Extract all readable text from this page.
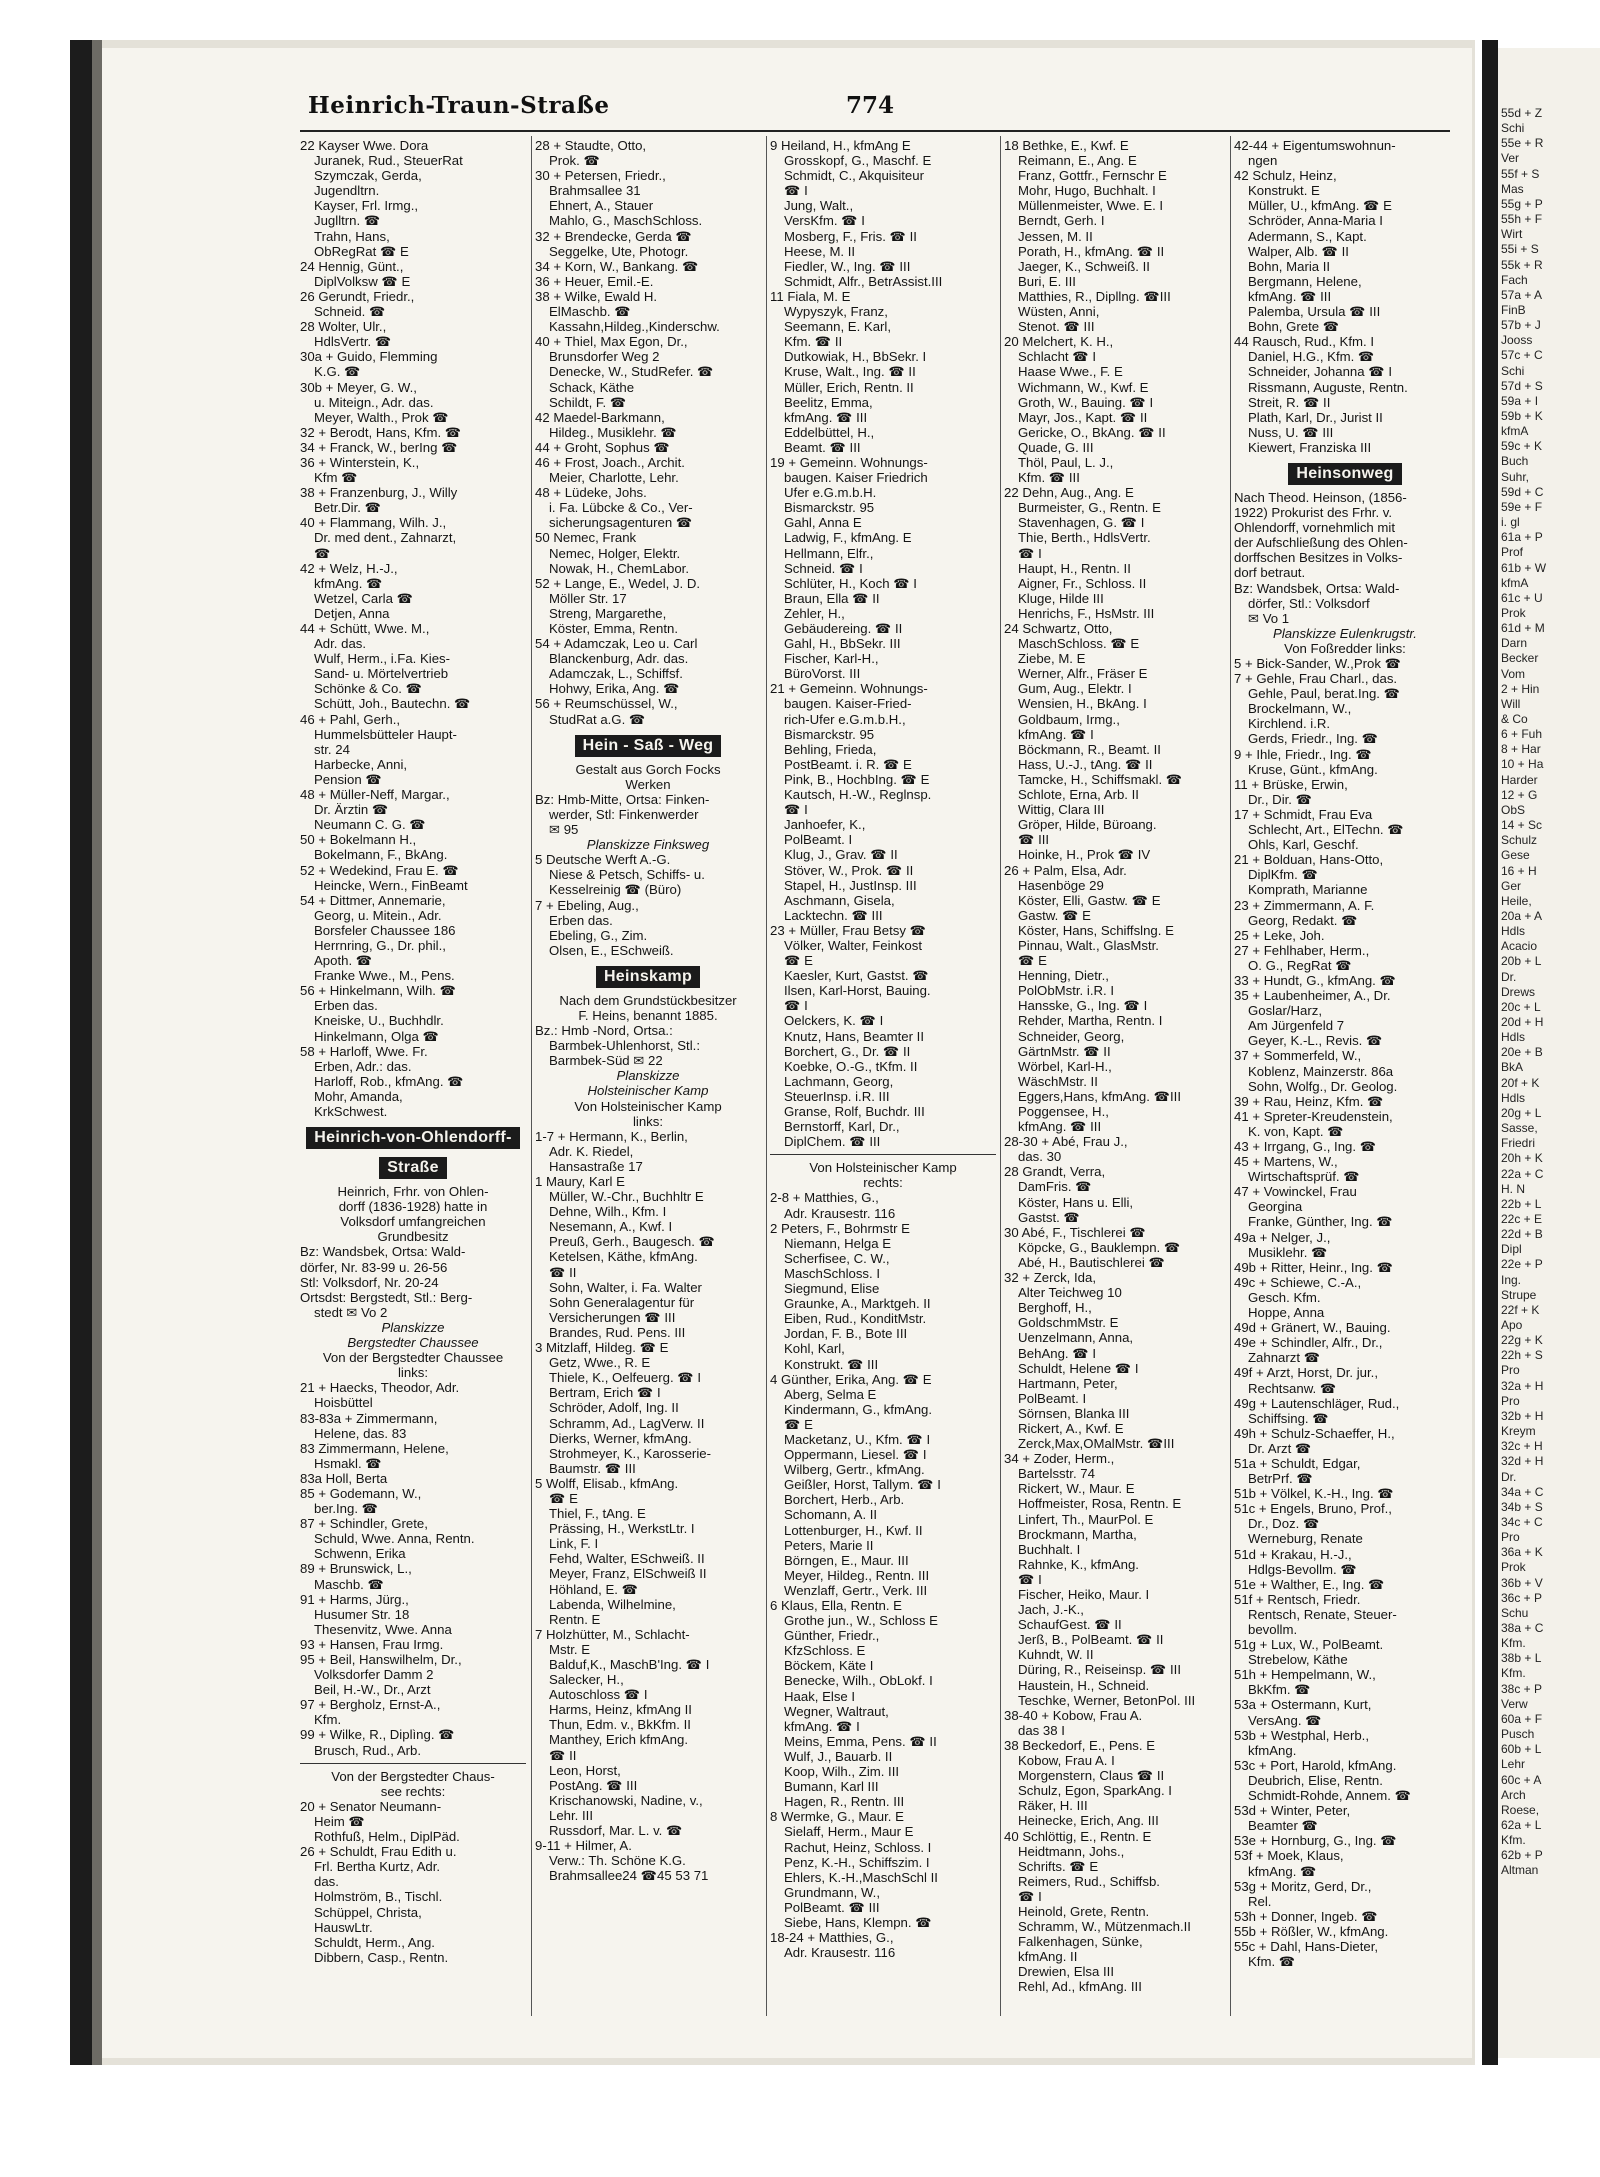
55d + Z
Schi
55e + R
Ver
55f + S
Mas
55g + P
55h + F
Wirt
55i + S
55k + R
Fach
57a + A
FinB
57b + J
Jooss
57c + C
Schi
57d + S
59a + I
59b + K
kfmA
59c + K
Buch
Suhr,
59d + C
59e + F
i. gl
61a + P
Prof
61b + W
kfmA
61c + U
Prok
61d + M
Darn
Becker
Vom
2 + Hin
Will
& Co
6 + Fuh
8 + Har
10 + Ha
Harder
12 + G
ObS
14 + Sc
Schulz
Gese
16 + H
Ger
Heile,
20a + A
Hdls
Acacio
20b + L
Dr.
Drews
20c + L
20d + H
Hdls
20e + B
BkA
20f + K
Hdls
20g + L
Sasse,
Friedri
20h + K
22a + C
H. N
22b + L
22c + E
22d + B
Dipl
22e + P
Ing.
Strupe
22f + K
Apo
22g + K
22h + S
Pro
32a + H
Pro
32b + H
Kreym
32c + H
32d + H
Dr.
34a + C
34b + S
34c + C
Pro
36a + K
Prok
36b + V
36c + P
Schu
38a + C
Kfm.
38b + L
Kfm.
38c + P
Verw
60a + F
Pusch
60b + L
Lehr
60c + A
Arch
Roese,
62a + L
Kfm.
62b + P
Altman
Heinrich-Traun-Straße	774
22 Kayser Wwe. Dora
Juranek, Rud., SteuerRat
Szymczak, Gerda,
Jugendltrn.
Kayser, Frl. Irmg.,
Juglltrn. ☎
Trahn, Hans,
ObRegRat ☎ E
24 Hennig, Günt.,
DiplVolksw ☎ E
26 Gerundt, Friedr.,
Schneid. ☎
28 Wolter, Ulr.,
HdlsVertr. ☎
30a + Guido, Flemming
K.G. ☎
30b + Meyer, G. W.,
u. Miteign., Adr. das.
Meyer, Walth., Prok ☎
32 + Berodt, Hans, Kfm. ☎
34 + Franck, W., berIng ☎
36 + Winterstein, K.,
Kfm ☎
38 + Franzenburg, J., Willy
Betr.Dir. ☎
40 + Flammang, Wilh. J.,
Dr. med dent., Zahnarzt,
☎
42 + Welz, H.-J.,
kfmAng. ☎
Wetzel, Carla ☎
Detjen, Anna
44 + Schütt, Wwe. M.,
Adr. das.
Wulf, Herm., i.Fa. Kies-
Sand- u. Mörtelvertrieb
Schönke & Co. ☎
Schütt, Joh., Bautechn. ☎
46 + Pahl, Gerh.,
Hummelsbütteler Haupt-
str. 24
Harbecke, Anni,
Pension ☎
48 + Müller-Neff, Margar.,
Dr. Ärztin ☎
Neumann C. G. ☎
50 + Bokelmann H.,
Bokelmann, F., BkAng.
52 + Wedekind, Frau E. ☎
Heincke, Wern., FinBeamt
54 + Dittmer, Annemarie,
Georg, u. Mitein., Adr.
Borsfeler Chaussee 186
Herrnring, G., Dr. phil.,
Apoth. ☎
Franke Wwe., M., Pens.
56 + Hinkelmann, Wilh. ☎
Erben das.
Kneiske, U., Buchhdlr.
Hinkelmann, Olga ☎
58 + Harloff, Wwe. Fr.
Erben, Adr.: das.
Harloff, Rob., kfmAng. ☎
Mohr, Amanda,
KrkSchwest.
Heinrich-von-Ohlendorff-
Straße
Heinrich, Frhr. von Ohlen-
dorff (1836-1928) hatte in
Volksdorf umfangreichen
Grundbesitz
Bz: Wandsbek, Ortsa: Wald-
dörfer, Nr. 83-99 u. 26-56
Stl: Volksdorf, Nr. 20-24
Ortsdst: Bergstedt, Stl.: Berg-
stedt ✉ Vo 2
Planskizze
Bergstedter Chaussee
Von der Bergstedter Chaussee
links:
21 + Haecks, Theodor, Adr.
Hoisbüttel
83-83a + Zimmermann,
Helene, das. 83
83 Zimmermann, Helene,
Hsmakl. ☎
83a Holl, Berta
85 + Godemann, W.,
ber.Ing. ☎
87 + Schindler, Grete,
Schuld, Wwe. Anna, Rentn.
Schwenn, Erika
89 + Brunswick, L.,
Maschb. ☎
91 + Harms, Jürg.,
Husumer Str. 18
Thesenvitz, Wwe. Anna
93 + Hansen, Frau Irmg.
95 + Beil, Hanswilhelm, Dr.,
Volksdorfer Damm 2
Beil, H.-W., Dr., Arzt
97 + Bergholz, Ernst-A.,
Kfm.
99 + Wilke, R., Diplìng. ☎
Brusch, Rud., Arb.
Von der Bergstedter Chaus-
see rechts:
20 + Senator Neumann-
Heim ☎
Rothfuß, Helm., DiplPäd.
26 + Schuldt, Frau Edith u.
Frl. Bertha Kurtz, Adr.
das.
Holmström, B., Tischl.
Schüppel, Christa,
HauswLtr.
Schuldt, Herm., Ang.
Dibbern, Casp., Rentn.
28 + Staudte, Otto,
Prok. ☎
30 + Petersen, Friedr.,
Brahmsallee 31
Ehnert, A., Stauer
Mahlo, G., MaschSchloss.
32 + Brendecke, Gerda ☎
Seggelke, Ute, Photogr.
34 + Korn, W., Bankang. ☎
36 + Heuer, Emil.-E.
38 + Wilke, Ewald H.
ElMaschb. ☎
Kassahn,Hildeg.,Kinderschw.
40 + Thiel, Max Egon, Dr.,
Brunsdorfer Weg 2
Denecke, W., StudRefer. ☎
Schack, Käthe
Schildt, F. ☎
42 Maedel-Barkmann,
Hildeg., Musiklehr. ☎
44 + Groht, Sophus ☎
46 + Frost, Joach., Archit.
Meier, Charlotte, Lehr.
48 + Lüdeke, Johs.
i. Fa. Lübcke & Co., Ver-
sicherungsagenturen ☎
50 Nemec, Frank
Nemec, Holger, Elektr.
Nowak, H., ChemLabor.
52 + Lange, E., Wedel, J. D.
Möller Str. 17
Streng, Margarethe,
Köster, Emma, Rentn.
54 + Adamczak, Leo u. Carl
Blanckenburg, Adr. das.
Adamczak, L., Schiffsf.
Hohwy, Erika, Ang. ☎
56 + Reumschüssel, W.,
StudRat a.G. ☎
Hein - Saß - Weg
Gestalt aus Gorch Focks
Werken
Bz: Hmb-Mitte, Ortsa: Finken-
werder, Stl: Finkenwerder
✉ 95
Planskizze Finksweg
5 Deutsche Werft A.-G.
Niese & Petsch, Schiffs- u.
Kesselreinig ☎ (Büro)
7 + Ebeling, Aug.,
Erben das.
Ebeling, G., Zim.
Olsen, E., ESchweiß.
Heinskamp
Nach dem Grundstückbesitzer
F. Heins, benannt 1885.
Bz.: Hmb -Nord, Ortsa.:
Barmbek-Uhlenhorst, Stl.:
Barmbek-Süd ✉ 22
Planskizze
Holsteinischer Kamp
Von Holsteinischer Kamp
links:
1-7 + Hermann, K., Berlin,
Adr. K. Riedel,
Hansastraße 17
1 Maury, Karl E
Müller, W.-Chr., Buchhltr E
Dehne, Wilh., Kfm. I
Nesemann, A., Kwf. I
Preuß, Gerh., Baugesch. ☎
Ketelsen, Käthe, kfmAng.
☎ II
Sohn, Walter, i. Fa. Walter
Sohn Generalagentur für
Versicherungen ☎ III
Brandes, Rud. Pens. III
3 Mitzlaff, Hildeg. ☎ E
Getz, Wwe., R. E
Thiele, K., Oelfeuerg. ☎ I
Bertram, Erich ☎ I
Schröder, Adolf, Ing. II
Schramm, Ad., LagVerw. II
Dierks, Werner, kfmAng.
Strohmeyer, K., Karosserie-
Baumstr. ☎ III
5 Wolff, Elisab., kfmAng.
☎ E
Thiel, F., tAng. E
Prässing, H., WerkstLtr. I
Link, F. I
Fehd, Walter, ESchweiß. II
Meyer, Franz, ElSchweiß II
Höhland, E. ☎
Labenda, Wilhelmine,
Rentn. E
7 Holzhütter, M., Schlacht-
Mstr. E
Balduf,K., MaschB'Ing. ☎ I
Salecker, H.,
Autoschloss ☎ I
Harms, Heinz, kfmAng II
Thun, Edm. v., BkKfm. II
Manthey, Erich kfmAng.
☎ II
Leon, Horst,
PostAng. ☎ III
Krischanowski, Nadine, v.,
Lehr. III
Russdorf, Mar. L. v. ☎
9-11 + Hilmer, A.
Verw.: Th. Schöne K.G.
Brahmsallee24 ☎45 53 71
9 Heiland, H., kfmAng E
Grosskopf, G., Maschf. E
Schmidt, C., Akquisiteur
☎ I
Jung, Walt.,
VersKfm. ☎ I
Mosberg, F., Fris. ☎ II
Heese, M. II
Fiedler, W., Ing. ☎ III
Schmidt, Alfr., BetrAssist.III
11 Fiala, M. E
Wypyszyk, Franz,
Seemann, E. Karl,
Kfm. ☎ II
Dutkowiak, H., BbSekr. I
Kruse, Walt., Ing. ☎ II
Müller, Erich, Rentn. II
Beelitz, Emma,
kfmAng. ☎ III
Eddelbüttel, H.,
Beamt. ☎ III
19 + Gemeinn. Wohnungs-
baugen. Kaiser Friedrich
Ufer e.G.m.b.H.
Bismarckstr. 95
Gahl, Anna E
Ladwig, F., kfmAng. E
Hellmann, Elfr.,
Schneid. ☎ I
Schlüter, H., Koch ☎ I
Braun, Ella ☎ II
Zehler, H.,
Gebäudereing. ☎ II
Gahl, H., BbSekr. III
Fischer, Karl-H.,
BüroVorst. III
21 + Gemeinn. Wohnungs-
baugen. Kaiser-Fried-
rich-Ufer e.G.m.b.H.,
Bismarckstr. 95
Behling, Frieda,
PostBeamt. i. R. ☎ E
Pink, B., HochbIng. ☎ E
Kautsch, H.-W., Reglnsp.
☎ I
Janhoefer, K.,
PolBeamt. I
Klug, J., Grav. ☎ II
Stöver, W., Prok. ☎ II
Stapel, H., JustInsp. III
Aschmann, Gisela,
Lacktechn. ☎ III
23 + Müller, Frau Betsy ☎
Völker, Walter, Feinkost
☎ E
Kaesler, Kurt, Gastst. ☎
Ilsen, Karl-Horst, Bauing.
☎ I
Oelckers, K. ☎ I
Knutz, Hans, Beamter II
Borchert, G., Dr. ☎ II
Koebke, O.-G., tKfm. II
Lachmann, Georg,
SteuerInsp. i.R. III
Granse, Rolf, Buchdr. III
Bernstorff, Karl, Dr.,
DiplChem. ☎ III
Von Holsteinischer Kamp
rechts:
2-8 + Matthies, G.,
Adr. Krausestr. 116
2 Peters, F., Bohrmstr E
Niemann, Helga E
Scherfisee, C. W.,
MaschSchloss. I
Siegmund, Elise
Graunke, A., Marktgeh. II
Eiben, Rud., KonditMstr.
Jordan, F. B., Bote III
Kohl, Karl,
Konstrukt. ☎ III
4 Günther, Erika, Ang. ☎ E
Aberg, Selma E
Kindermann, G., kfmAng.
☎ E
Macketanz, U., Kfm. ☎ I
Oppermann, Liesel. ☎ I
Wilberg, Gertr., kfmAng.
Geißler, Horst, Tallym. ☎ I
Borchert, Herb., Arb.
Schomann, A. II
Lottenburger, H., Kwf. II
Peters, Marie II
Börngen, E., Maur. III
Meyer, Hildeg., Rentn. III
Wenzlaff, Gertr., Verk. III
6 Klaus, Ella, Rentn. E
Grothe jun., W., Schloss E
Günther, Friedr.,
KfzSchloss. E
Böckem, Käte I
Benecke, Wilh., ObLokf. I
Haak, Else I
Wegner, Waltraut,
kfmAng. ☎ I
Meins, Emma, Pens. ☎ II
Wulf, J., Bauarb. II
Koop, Wilh., Zim. III
Bumann, Karl III
Hagen, R., Rentn. III
8 Wermke, G., Maur. E
Sielaff, Herm., Maur E
Rachut, Heinz, Schloss. I
Penz, K.-H., Schiffszim. I
Ehlers, K.-H.,MaschSchl II
Grundmann, W.,
PolBeamt. ☎ III
Siebe, Hans, Klempn. ☎
18-24 + Matthies, G.,
Adr. Krausestr. 116
18 Bethke, E., Kwf. E
Reimann, E., Ang. E
Franz, Gottfr., Fernschr E
Mohr, Hugo, Buchhalt. I
Müllenmeister, Wwe. E. I
Berndt, Gerh. I
Jessen, M. II
Porath, H., kfmAng. ☎ II
Jaeger, K., Schweiß. II
Buri, E. III
Matthies, R., Dipllng. ☎III
Wüsten, Anni,
Stenot. ☎ III
20 Melchert, K. H.,
Schlacht ☎ I
Haase Wwe., F. E
Wichmann, W., Kwf. E
Groth, W., Bauing. ☎ I
Mayr, Jos., Kapt. ☎ II
Gericke, O., BkAng. ☎ II
Quade, G. III
Thöl, Paul, L. J.,
Kfm. ☎ III
22 Dehn, Aug., Ang. E
Burmeister, G., Rentn. E
Stavenhagen, G. ☎ I
Thie, Berth., HdlsVertr.
☎ I
Haupt, H., Rentn. II
Aigner, Fr., Schloss. II
Kluge, Hilde III
Henrichs, F., HsMstr. III
24 Schwartz, Otto,
MaschSchloss. ☎ E
Ziebe, M. E
Werner, Alfr., Fräser E
Gum, Aug., Elektr. I
Wensien, H., BkAng. I
Goldbaum, Irmg.,
kfmAng. ☎ I
Böckmann, R., Beamt. II
Hass, U.-J., tAng. ☎ II
Tamcke, H., Schiffsmakl. ☎
Schlote, Erna, Arb. II
Wittig, Clara III
Gröper, Hilde, Büroang.
☎ III
Hoinke, H., Prok ☎ IV
26 + Palm, Elsa, Adr.
Hasenböge 29
Köster, Elli, Gastw. ☎ E
Gastw. ☎ E
Köster, Hans, Schiffslng. E
Pinnau, Walt., GlasMstr.
☎ E
Henning, Dietr.,
PolObMstr. i.R. I
Hansske, G., Ing. ☎ I
Rehder, Martha, Rentn. I
Schneider, Georg,
GärtnMstr. ☎ II
Wörbel, Karl-H.,
WäschMstr. II
Eggers,Hans, kfmAng. ☎III
Poggensee, H.,
kfmAng. ☎ III
28-30 + Abé, Frau J.,
das. 30
28 Grandt, Verra,
DamFris. ☎
Köster, Hans u. Elli,
Gastst. ☎
30 Abé, F., Tischlerei ☎
Köpcke, G., Bauklempn. ☎
Abé, H., Bautischlerei ☎
32 + Zerck, Ida,
Alter Teichweg 10
Berghoff, H.,
GoldschmMstr. E
Uenzelmann, Anna,
BehAng. ☎ I
Schuldt, Helene ☎ I
Hartmann, Peter,
PolBeamt. I
Sörnsen, Blanka III
Rickert, A., Kwf. E
Zerck,Max,OMalMstr. ☎III
34 + Zoder, Herm.,
Bartelsstr. 74
Rickert, W., Maur. E
Hoffmeister, Rosa, Rentn. E
Linfert, Th., MaurPol. E
Brockmann, Martha,
Buchhalt. I
Rahnke, K., kfmAng.
☎ I
Fischer, Heiko, Maur. I
Jach, J.-K.,
SchaufGest. ☎ II
Jerß, B., PolBeamt. ☎ II
Kuhndt, W. II
Düring, R., Reiseinsp. ☎ III
Haustein, H., Schneid.
Teschke, Werner, BetonPol. III
38-40 + Kobow, Frau A.
das 38 I
38 Beckedorf, E., Pens. E
Kobow, Frau A. I
Morgenstern, Claus ☎ II
Schulz, Egon, SparkAng. I
Räker, H. III
Heinecke, Erich, Ang. III
40 Schlöttig, E., Rentn. E
Heidtmann, Johs.,
Schrifts. ☎ E
Reimers, Rud., Schiffsb.
☎ I
Heinold, Grete, Rentn.
Schramm, W., Mützenmach.II
Falkenhagen, Sünke,
kfmAng. II
Drewien, Elsa III
Rehl, Ad., kfmAng. III
42-44 + Eigentumswohnun-
ngen
42 Schulz, Heinz,
Konstrukt. E
Müller, U., kfmAng. ☎ E
Schröder, Anna-Maria I
Adermann, S., Kapt.
Walper, Alb. ☎ II
Bohn, Maria II
Bergmann, Helene,
kfmAng. ☎ III
Palemba, Ursula ☎ III
Bohn, Grete ☎
44 Rausch, Rud., Kfm. I
Daniel, H.G., Kfm. ☎
Schneider, Johanna ☎ I
Rissmann, Auguste, Rentn.
Streit, R. ☎ II
Plath, Karl, Dr., Jurist II
Nuss, U. ☎ III
Kiewert, Franziska III
Heinsonweg
Nach Theod. Heinson, (1856-
1922) Prokurist des Frhr. v.
Ohlendorff, vornehmlich mit
der Aufschließung des Ohlen-
dorffschen Besitzes in Volks-
dorf betraut.
Bz: Wandsbek, Ortsa: Wald-
dörfer, Stl.: Volksdorf
✉ Vo 1
Planskizze Eulenkrugstr.
Von Foßredder links:
5 + Bick-Sander, W.,Prok ☎
7 + Gehle, Frau Charl., das.
Gehle, Paul, berat.Ing. ☎
Brockelmann, W.,
Kirchlend. i.R.
Gerds, Friedr., Ing. ☎
9 + Ihle, Friedr., Ing. ☎
Kruse, Günt., kfmAng.
11 + Brüske, Erwin,
Dr., Dir. ☎
17 + Schmidt, Frau Eva
Schlecht, Art., ElTechn. ☎
Ohls, Karl, Geschf.
21 + Bolduan, Hans-Otto,
DiplKfm. ☎
Komprath, Marianne
23 + Zimmermann, A. F.
Georg, Redakt. ☎
25 + Leke, Joh.
27 + Fehlhaber, Herm.,
O. G., RegRat ☎
33 + Hundt, G., kfmAng. ☎
35 + Laubenheimer, A., Dr.
Goslar/Harz,
Am Jürgenfeld 7
Geyer, K.-L., Revis. ☎
37 + Sommerfeld, W.,
Koblenz, Mainzerstr. 86a
Sohn, Wolfg., Dr. Geolog.
39 + Rau, Heinz, Kfm. ☎
41 + Spreter-Kreudenstein,
K. von, Kapt. ☎
43 + Irrgang, G., Ing. ☎
45 + Martens, W.,
Wirtschaftsprüf. ☎
47 + Vowinckel, Frau
Georgina
Franke, Günther, Ing. ☎
49a + Nelger, J.,
Musiklehr. ☎
49b + Ritter, Heinr., Ing. ☎
49c + Schiewe, C.-A.,
Gesch. Kfm.
Hoppe, Anna
49d + Gränert, W., Bauing.
49e + Schindler, Alfr., Dr.,
Zahnarzt ☎
49f + Arzt, Horst, Dr. jur.,
Rechtsanw. ☎
49g + Lautenschläger, Rud.,
Schiffsing. ☎
49h + Schulz-Schaeffer, H.,
Dr. Arzt ☎
51a + Schuldt, Edgar,
BetrPrf. ☎
51b + Völkel, K.-H., Ing. ☎
51c + Engels, Bruno, Prof.,
Dr., Doz. ☎
Werneburg, Renate
51d + Krakau, H.-J.,
Hdlgs-Bevollm. ☎
51e + Walther, E., Ing. ☎
51f + Rentsch, Friedr.
Rentsch, Renate, Steuer-
bevollm.
51g + Lux, W., PolBeamt.
Strebelow, Käthe
51h + Hempelmann, W.,
BkKfm. ☎
53a + Ostermann, Kurt,
VersAng. ☎
53b + Westphal, Herb.,
kfmAng.
53c + Port, Harold, kfmAng.
Deubrich, Elise, Rentn.
Schmidt-Rohde, Annem. ☎
53d + Winter, Peter,
Beamter ☎
53e + Hornburg, G., Ing. ☎
53f + Moek, Klaus,
kfmAng. ☎
53g + Moritz, Gerd, Dr.,
Rel.
53h + Donner, Ingeb. ☎
55b + Rößler, W., kfmAng.
55c + Dahl, Hans-Dieter,
Kfm. ☎
